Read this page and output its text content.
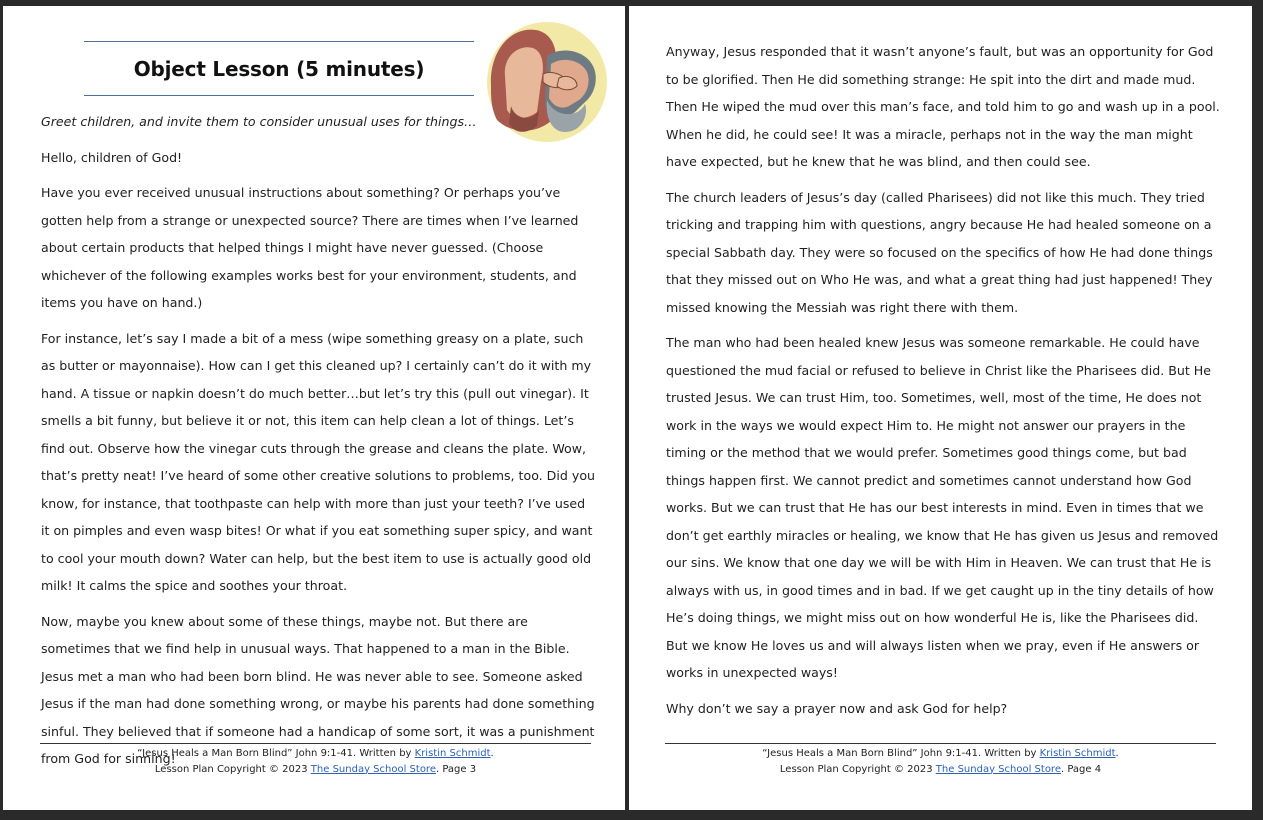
Object Lesson (5 minutes)

Greet children, and invite them to consider unusual uses for things…

Hello, children of God!

Have you ever received unusual instructions about something? Or perhaps you’ve gotten help from a strange or unexpected source? There are times when I’ve learned about certain products that helped things I might have never guessed. (Choose whichever of the following examples works best for your environment, students, and items you have on hand.)

For instance, let’s say I made a bit of a mess (wipe something greasy on a plate, such as butter or mayonnaise). How can I get this cleaned up? I certainly can’t do it with my hand. A tissue or napkin doesn’t do much better…but let’s try this (pull out vinegar). It smells a bit funny, but believe it or not, this item can help clean a lot of things. Let’s find out. Observe how the vinegar cuts through the grease and cleans the plate. Wow, that’s pretty neat! I’ve heard of some other creative solutions to problems, too. Did you know, for instance, that toothpaste can help with more than just your teeth? I’ve used it on pimples and even wasp bites! Or what if you eat something super spicy, and want to cool your mouth down? Water can help, but the best item to use is actually good old milk! It calms the spice and soothes your throat.

Now, maybe you knew about some of these things, maybe not. But there are sometimes that we find help in unusual ways. That happened to a man in the Bible. Jesus met a man who had been born blind. He was never able to see. Someone asked Jesus if the man had done something wrong, or maybe his parents had done something sinful. They believed that if someone had a handicap of some sort, it was a punishment from God for sinning!

“Jesus Heals a Man Born Blind” John 9:1-41. Written by Kristin Schmidt.
Lesson Plan Copyright © 2023 The Sunday School Store. Page 3

Anyway, Jesus responded that it wasn’t anyone’s fault, but was an opportunity for God to be glorified. Then He did something strange: He spit into the dirt and made mud. Then He wiped the mud over this man’s face, and told him to go and wash up in a pool. When he did, he could see! It was a miracle, perhaps not in the way the man might have expected, but he knew that he was blind, and then could see.

The church leaders of Jesus’s day (called Pharisees) did not like this much. They tried tricking and trapping him with questions, angry because He had healed someone on a special Sabbath day. They were so focused on the specifics of how He had done things that they missed out on Who He was, and what a great thing had just happened! They missed knowing the Messiah was right there with them.

The man who had been healed knew Jesus was someone remarkable. He could have questioned the mud facial or refused to believe in Christ like the Pharisees did. But He trusted Jesus. We can trust Him, too. Sometimes, well, most of the time, He does not work in the ways we would expect Him to. He might not answer our prayers in the timing or the method that we would prefer. Sometimes good things come, but bad things happen first. We cannot predict and sometimes cannot understand how God works. But we can trust that He has our best interests in mind. Even in times that we don’t get earthly miracles or healing, we know that He has given us Jesus and removed our sins. We know that one day we will be with Him in Heaven. We can trust that He is always with us, in good times and in bad. If we get caught up in the tiny details of how He’s doing things, we might miss out on how wonderful He is, like the Pharisees did. But we know He loves us and will always listen when we pray, even if He answers or works in unexpected ways!

Why don’t we say a prayer now and ask God for help?

“Jesus Heals a Man Born Blind” John 9:1-41. Written by Kristin Schmidt.
Lesson Plan Copyright © 2023 The Sunday School Store. Page 4
